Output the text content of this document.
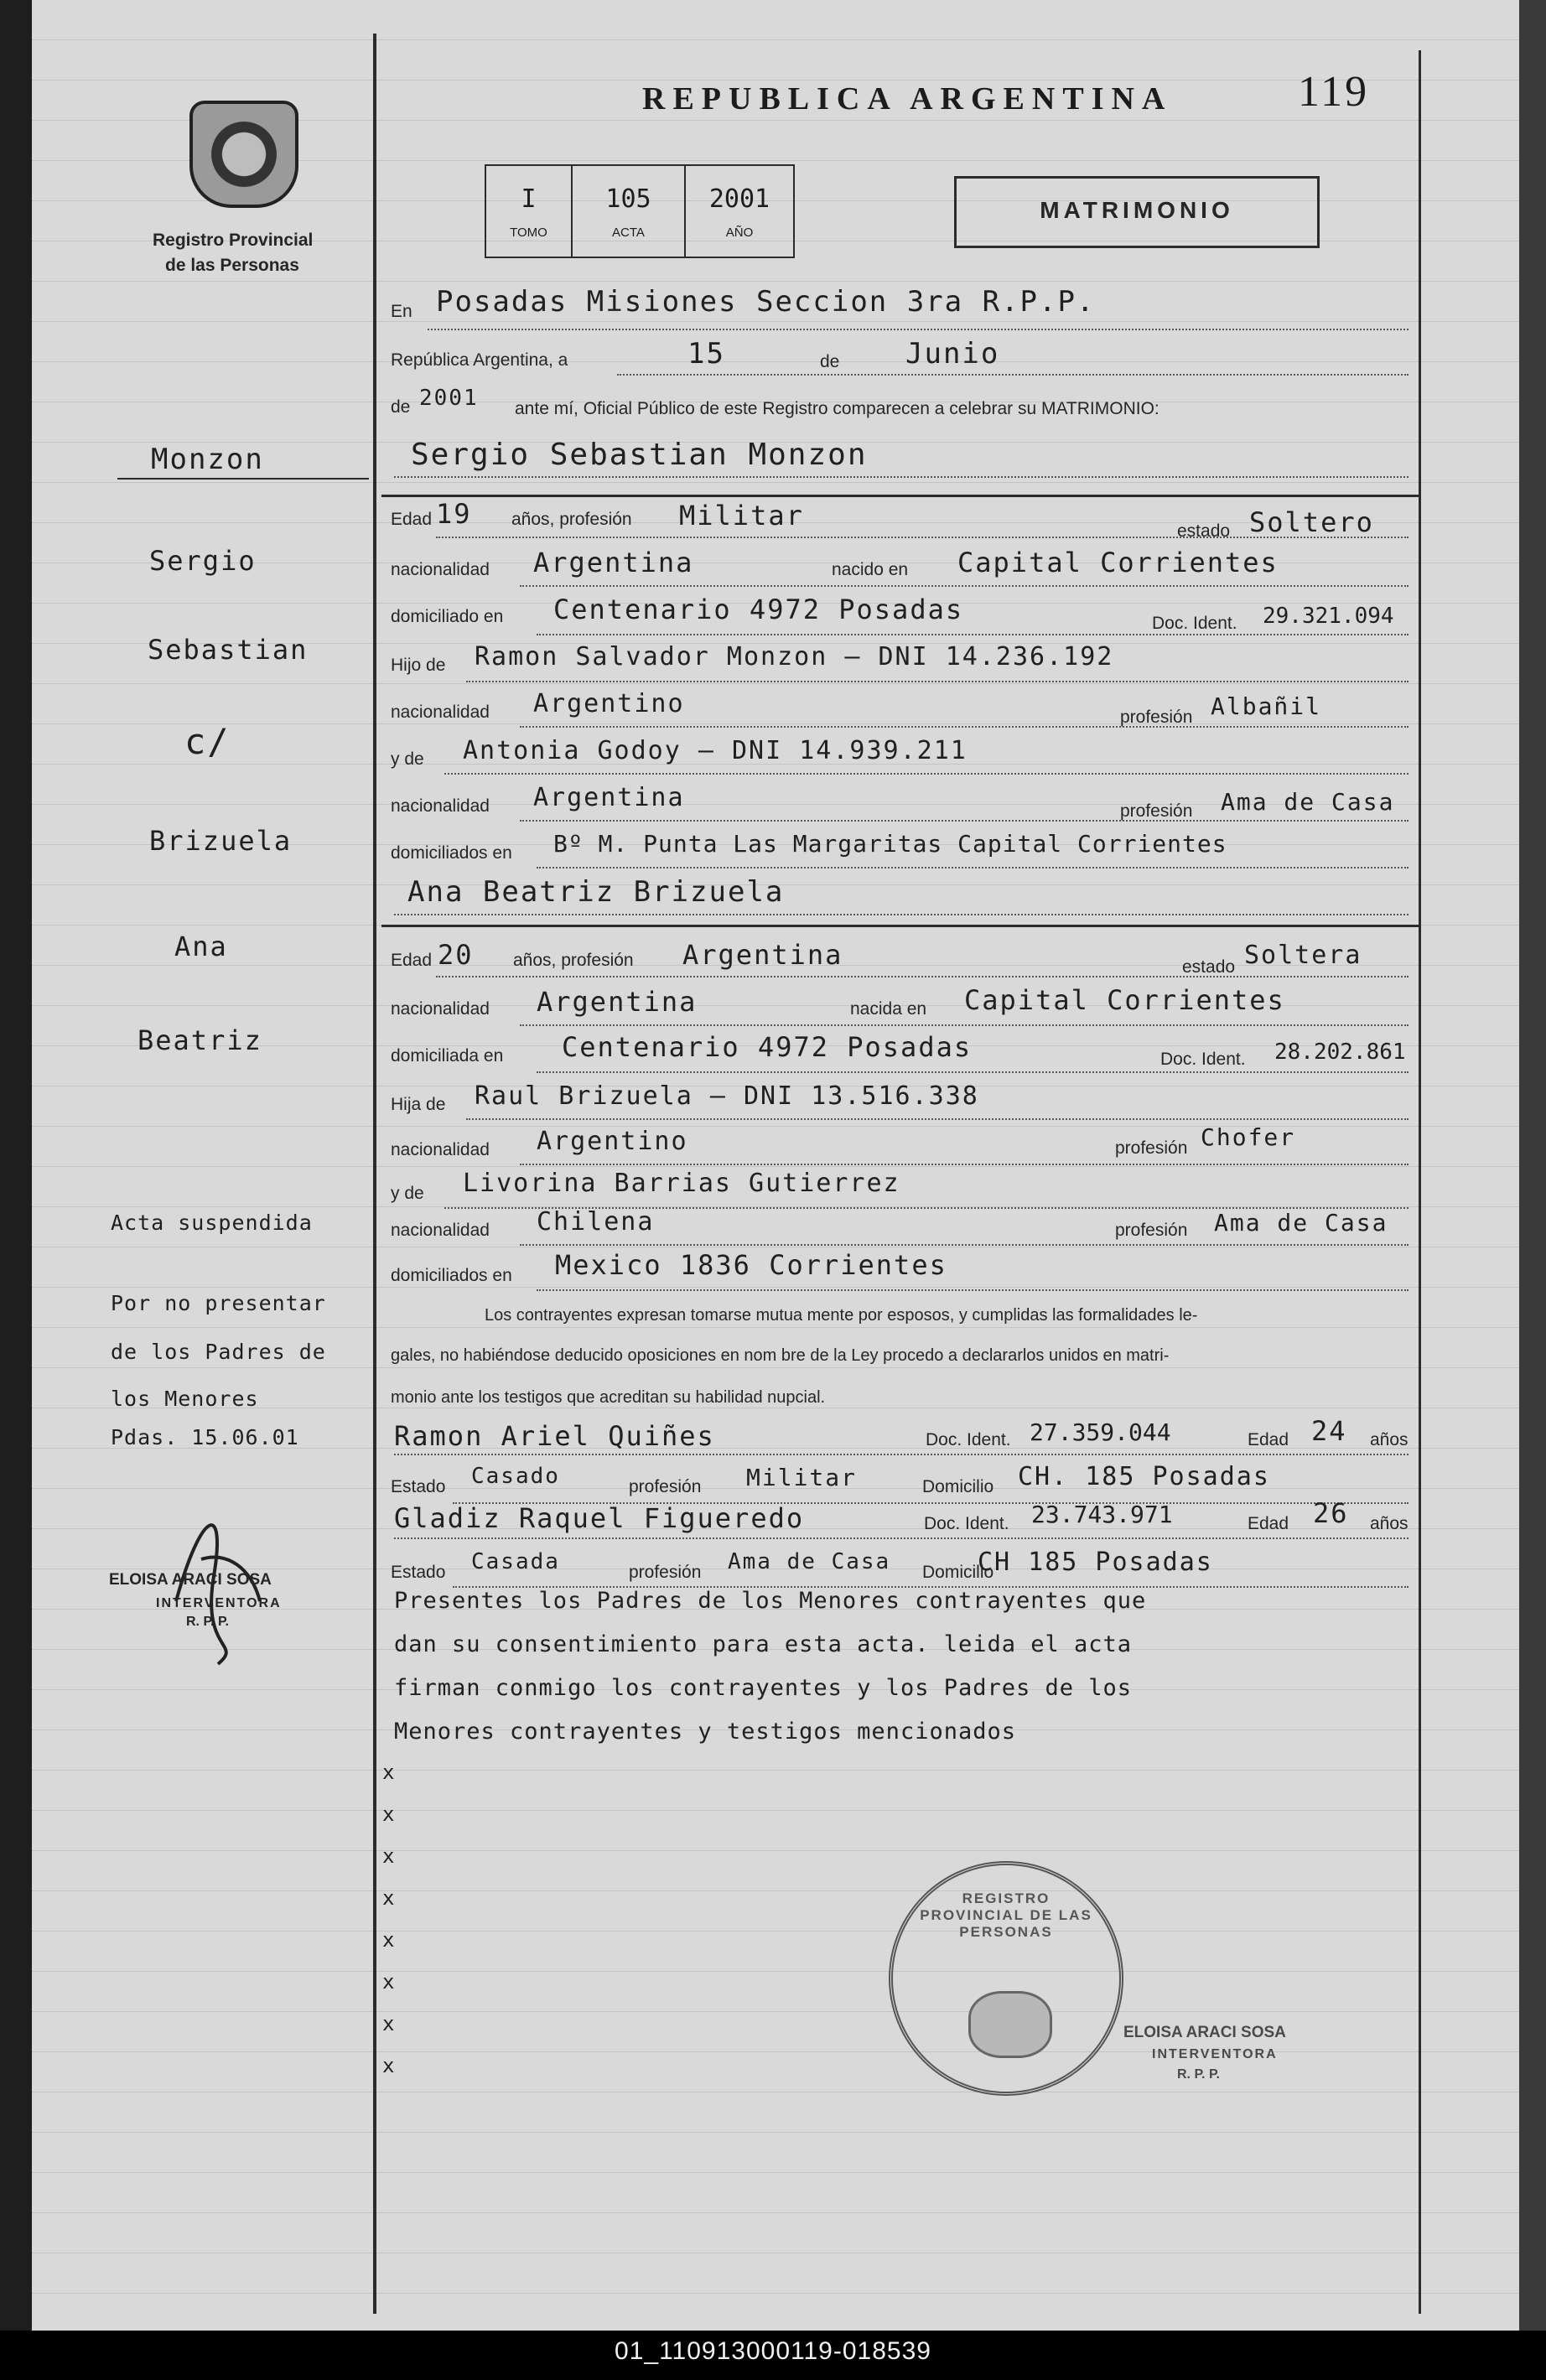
Registro Provincial
de las Personas
REPUBLICA ARGENTINA	119
I
TOMO
105
ACTA
2001
AÑO
MATRIMONIO
En Posadas Misiones Seccion 3ra R.P.P.
República Argentina, a	15	de Junio
de 2001 ante mí, Oficial Público de este Registro comparecen a celebrar su MATRIMONIO:
Sergio Sebastian Monzon
Edad 19 años, profesión Militar	estado Soltero
nacionalidad Argentina	nacido en Capital Corrientes
domiciliado en Centenario 4972 Posadas	Doc. Ident. 29.321.094
Hijo de Ramon Salvador Monzon — DNI 14.236.192
nacionalidad Argentino	profesión Albañil
y de Antonia Godoy — DNI 14.939.211
nacionalidad Argentina	profesión Ama de Casa
domiciliados en Bº M. Punta Las Margaritas Capital Corrientes
Ana Beatriz Brizuela
Edad 20 años, profesión Argentina	estado Soltera
nacionalidad Argentina	nacida en Capital Corrientes
domiciliada en Centenario 4972 Posadas	Doc. Ident. 28.202.861
Hija de Raul Brizuela — DNI 13.516.338
nacionalidad Argentino	profesión Chofer
y de Livorina Barrias Gutierrez
nacionalidad Chilena	profesión Ama de Casa
domiciliados en Mexico 1836 Corrientes
Los contrayentes expresan tomarse mutua mente por esposos, y cumplidas las formalidades le-
gales, no habiéndose deducido oposiciones en nom bre de la Ley procedo a declararlos unidos en matri-
monio ante los testigos que acreditan su habilidad nupcial.
Ramon Ariel Quiñes	Doc. Ident. 27.359.044	Edad 24 años
Estado Casado	profesión Militar	Domicilio CH. 185 Posadas
Gladiz Raquel Figueredo	Doc. Ident. 23.743.971	Edad 26 años
Estado Casada	profesión Ama de Casa Domicilio
CH 185 Posadas
Presentes los Padres de los Menores contrayentes que
dan su consentimiento para esta acta. leida el acta
firman conmigo los contrayentes y los Padres de los
Menores contrayentes y testigos mencionados
x
x
x
x
x
x
x
x
Monzon
Sergio
Sebastian
c/
Brizuela
Ana
Beatriz
Acta suspendida
Por no presentar
de los Padres de
los Menores
Pdas. 15.06.01
ELOISA ARACI SOSA
INTERVENTORA
R. P. P.
REGISTRO PROVINCIAL DE LAS PERSONAS
ELOISA ARACI SOSA
INTERVENTORA
R. P. P.
01_110913000119-018539
